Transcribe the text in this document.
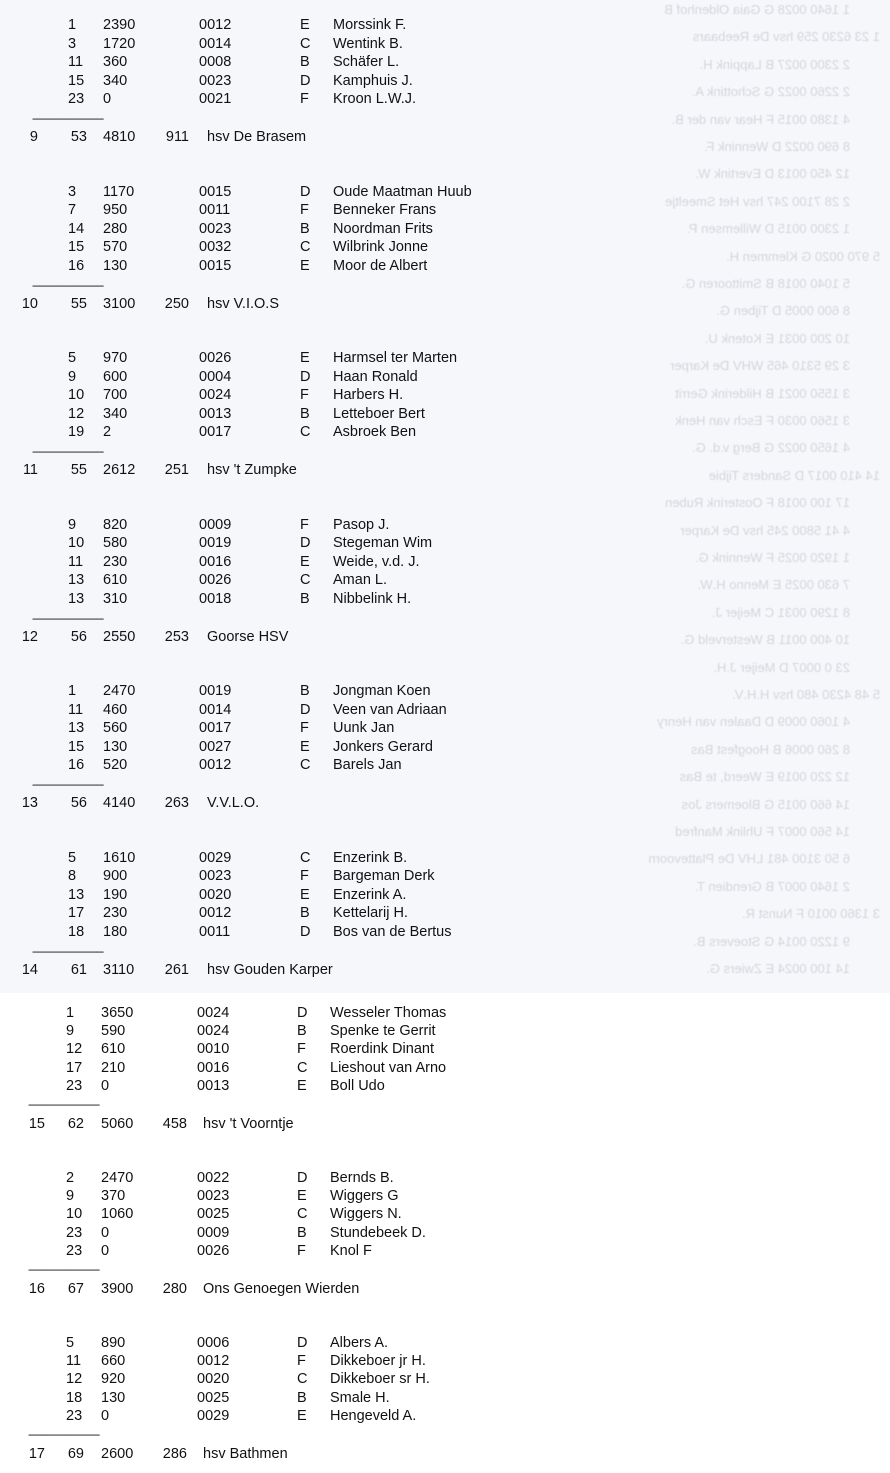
1 1640 0028 G Gaia Oldenhof B
1 23 6230 259 hsv De Reebaars
2 2300 0027 B Lappink H.
2 2260 0022 G Schottink A.
4 1380 0015 F Hear van der B.
8 690 0022 D Wennink F.
12 450 0013 D Evertink W.
2 28 7100 247 hsv Het Smeeltje
1 2300 0015 D Willemsen P.
5 970 0020 G Klemmen H.
5 1040 0018 B Smittooren G.
8 600 0005 D Tijben G.
10 200 0031 E Kotenk U.
3 29 5310 465 WHV De Karper
3 1550 0021 B Hilderink Gerrit
3 1560 0030 F Esch van Henk
4 1650 0022 G Berg v.d. G.
14 410 0017 D Sanders Tijbie
17 100 0018 F Oosterink Ruben
4 41 5800 245 hsv De Karper
1 1920 0025 F Wennink G.
7 630 0025 E Menno H.W.
8 1290 0031 C Meijer J.
10 400 0011 B Westerveld G.
23 0 0007 D Meijer J.H.
5 48 4230 480 hsv H.H.V.
4 1060 0009 D Daalen van Henry
8 260 0006 B Hoogfest Bas
12 220 0019 E Weerd, te Bas
14 660 0015 G Bloemers Jos
14 560 0007 F Uhlink Manfred
6 50 3100 481 LHV De Plattevoorn
2 1640 0007 B Grendien T.
3 1360 0010 F Nunst R.
9 1220 0014 G Stoevers B.
14 100 0024 E Zwiers G.
1 2390	0012	E Morssink F.
3 1720	0014	C Wentink B.
11 360	0008	B Schäfer L.
15 340	0023	D Kamphuis J.
23 0	0021	F Kroon L.W.J.
------------------------------
9	53 4810	911 hsv De Brasem
3 1170	0015	D Oude Maatman Huub
7 950	0011	F Benneker Frans
14 280	0023	B Noordman Frits
15 570	0032	C Wilbrink Jonne
16 130	0015	E Moor de Albert
------------------------------
10	55 3100	250 hsv V.I.O.S
5 970	0026	E Harmsel ter Marten
9 600	0004	D Haan Ronald
10 700	0024	F Harbers H.
12 340	0013	B Letteboer Bert
19 2	0017	C Asbroek Ben
------------------------------
11	55 2612	251 hsv 't Zumpke
9 820	0009	F Pasop J.
10 580	0019	D Stegeman Wim
11 230	0016	E Weide, v.d. J.
13 610	0026	C Aman L.
13 310	0018	B Nibbelink H.
------------------------------
12	56 2550	253 Goorse HSV
1 2470	0019	B Jongman Koen
11 460	0014	D Veen van Adriaan
13 560	0017	F Uunk Jan
15 130	0027	E Jonkers Gerard
16 520	0012	C Barels Jan
------------------------------
13	56 4140	263 V.V.L.O.
5 1610	0029	C Enzerink B.
8 900	0023	F Bargeman Derk
13 190	0020	E Enzerink A.
17 230	0012	B Kettelarij H.
18 180	0011	D Bos van de Bertus
------------------------------
14	61 3110	261 hsv Gouden Karper
1 3650	0024	D Wesseler Thomas
9 590	0024	B Spenke te Gerrit
12 610	0010	F Roerdink Dinant
17 210	0016	C Lieshout van Arno
23 0	0013	E Boll Udo
------------------------------
15	62 5060	458 hsv 't Voorntje
2 2470	0022	D Bernds B.
9 370	0023	E Wiggers G
10 1060	0025	C Wiggers N.
23 0	0009	B Stundebeek D.
23 0	0026	F Knol F
------------------------------
16	67 3900	280 Ons Genoegen Wierden
5 890	0006	D Albers A.
11 660	0012	F Dikkeboer jr H.
12 920	0020	C Dikkeboer sr H.
18 130	0025	B Smale H.
23 0	0029	E Hengeveld A.
------------------------------
17	69 2600	286 hsv Bathmen
